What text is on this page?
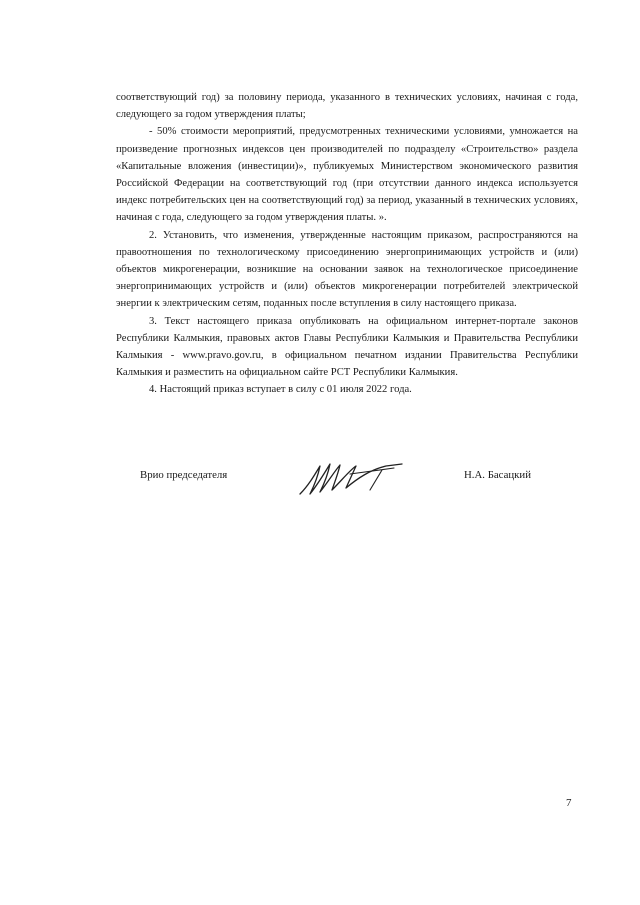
соответствующий год) за половину периода, указанного в технических условиях, начиная с года, следующего за годом утверждения платы;

- 50% стоимости мероприятий, предусмотренных техническими условиями, умножается на произведение прогнозных индексов цен производителей по подразделу «Строительство» раздела «Капитальные вложения (инвестиции)», публикуемых Министерством экономического развития Российской Федерации на соответствующий год (при отсутствии данного индекса используется индекс потребительских цен на соответствующий год) за период, указанный в технических условиях, начиная с года, следующего за годом утверждения платы. ».

2. Установить, что изменения, утвержденные настоящим приказом, распространяются на правоотношения по технологическому присоединению энергопринимающих устройств и (или) объектов микрогенерации, возникшие на основании заявок на технологическое присоединение энергопринимающих устройств и (или) объектов микрогенерации потребителей электрической энергии к электрическим сетям, поданных после вступления в силу настоящего приказа.

3. Текст настоящего приказа опубликовать на официальном интернет-портале законов Республики Калмыкия, правовых актов Главы Республики Калмыкия и Правительства Республики Калмыкия - www.pravo.gov.ru, в официальном печатном издании Правительства Республики Калмыкия и разместить на официальном сайте РСТ Республики Калмыкия.

4. Настоящий приказ вступает в силу с 01 июля 2022 года.

Врио председателя	Н.А. Басацкий
7
